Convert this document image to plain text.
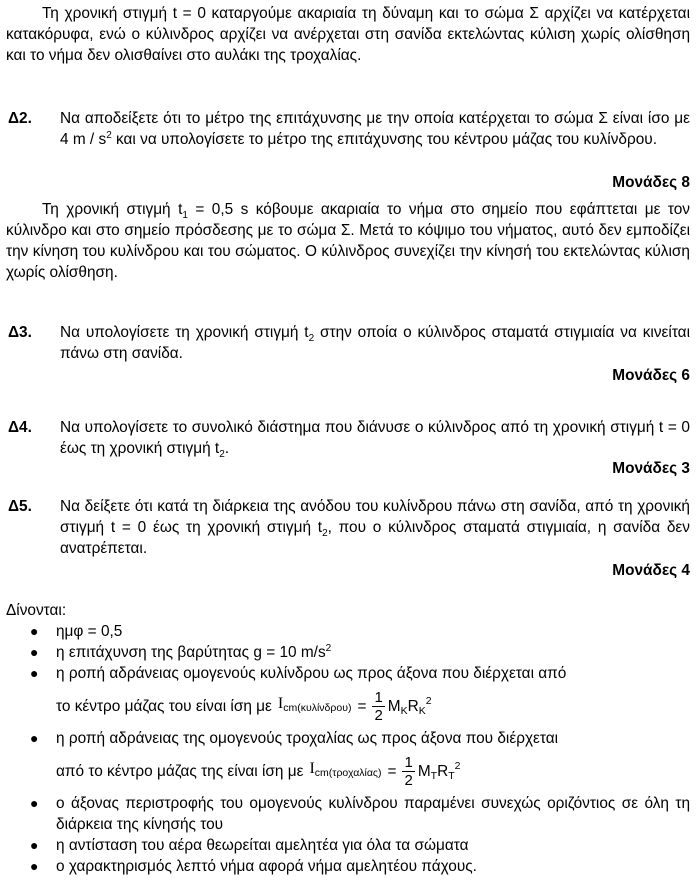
Τη χρονική στιγμή t = 0 καταργούμε ακαριαία τη δύναμη και το σώμα Σ αρχίζει να κατέρχεται κατακόρυφα, ενώ ο κύλινδρος αρχίζει να ανέρχεται στη σανίδα εκτελώντας κύλιση χωρίς ολίσθηση και το νήμα δεν ολισθαίνει στο αυλάκι της τροχαλίας.
Δ2. Να αποδείξετε ότι το μέτρο της επιτάχυνσης με την οποία κατέρχεται το σώμα Σ είναι ίσο με 4 m / $s^2$ και να υπολογίσετε το μέτρο της επιτάχυνσης του κέντρου μάζας του κυλίνδρου.
Μονάδες 8
Τη χρονική στιγμή $t_1 = 0,5$ s κόβουμε ακαριαία το νήμα στο σημείο που εφάπτεται με τον κύλινδρο και στο σημείο πρόσδεσης με το σώμα Σ. Μετά το κόψιμο του νήματος, αυτό δεν εμποδίζει την κίνηση του κυλίνδρου και του σώματος. Ο κύλινδρος συνεχίζει την κίνησή του εκτελώντας κύλιση χωρίς ολίσθηση.
Δ3. Να υπολογίσετε τη χρονική στιγμή $t_2$ στην οποία ο κύλινδρος σταματά στιγμιαία να κινείται πάνω στη σανίδα.
Μονάδες 6
Δ4. Να υπολογίσετε το συνολικό διάστημα που διάνυσε ο κύλινδρος από τη χρονική στιγμή t = 0 έως τη χρονική στιγμή $t_2$.
Μονάδες 3
Δ5. Να δείξετε ότι κατά τη διάρκεια της ανόδου του κυλίνδρου πάνω στη σανίδα, από τη χρονική στιγμή t = 0 έως τη χρονική στιγμή $t_2$, που ο κύλινδρος σταματά στιγμιαία, η σανίδα δεν ανατρέπεται.
Μονάδες 4
Δίνονται:
● ημφ = 0,5
● η επιτάχυνση της βαρύτητας g = 10 $m/s^2$
● η ροπή αδράνειας ομογενούς κυλίνδρου ως προς άξονα που διέρχεται από
το κέντρο μάζας του είναι ίση με $Icm(\kappa\upsilon\lambda ί\nu\delta\rho o\upsilon) = \frac{1}{2} M_KR_K^2$
● η ροπή αδράνειας της ομογενούς τροχαλίας ως προς άξονα που διέρχεται
από το κέντρο μάζας της είναι ίση με $Icm(\tau\rho o\chi\alpha\lambda ί\alpha\varsigma) = \frac{1}{2} M_TR_T^2$
● ο άξονας περιστροφής του ομογενούς κυλίνδρου παραμένει συνεχώς οριζόντιος σε όλη τη διάρκεια της κίνησής του
● η αντίσταση του αέρα θεωρείται αμελητέα για όλα τα σώματα
● ο χαρακτηρισμός λεπτό νήμα αφορά νήμα αμελητέου πάχους.
